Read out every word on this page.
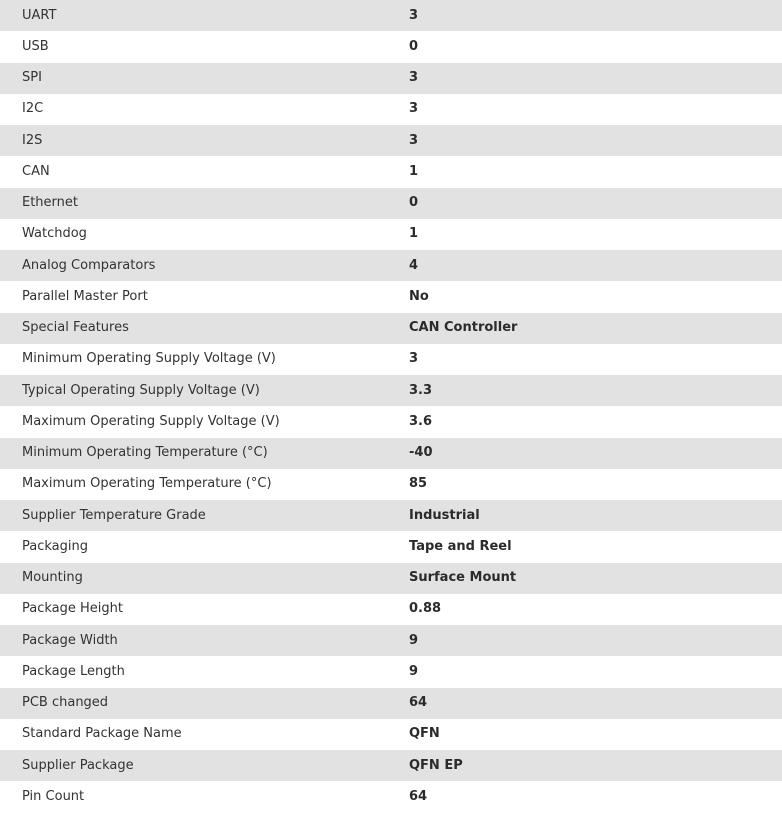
UART	3
USB	0
SPI	3
I2C	3
I2S	3
CAN	1
Ethernet	0
Watchdog	1
Analog Comparators	4
Parallel Master Port	No
Special Features	CAN Controller
Minimum Operating Supply Voltage (V)	3
Typical Operating Supply Voltage (V)	3.3
Maximum Operating Supply Voltage (V)	3.6
Minimum Operating Temperature (°C)	-40
Maximum Operating Temperature (°C)	85
Supplier Temperature Grade	Industrial
Packaging	Tape and Reel
Mounting	Surface Mount
Package Height	0.88
Package Width	9
Package Length	9
PCB changed	64
Standard Package Name	QFN
Supplier Package	QFN EP
Pin Count	64
